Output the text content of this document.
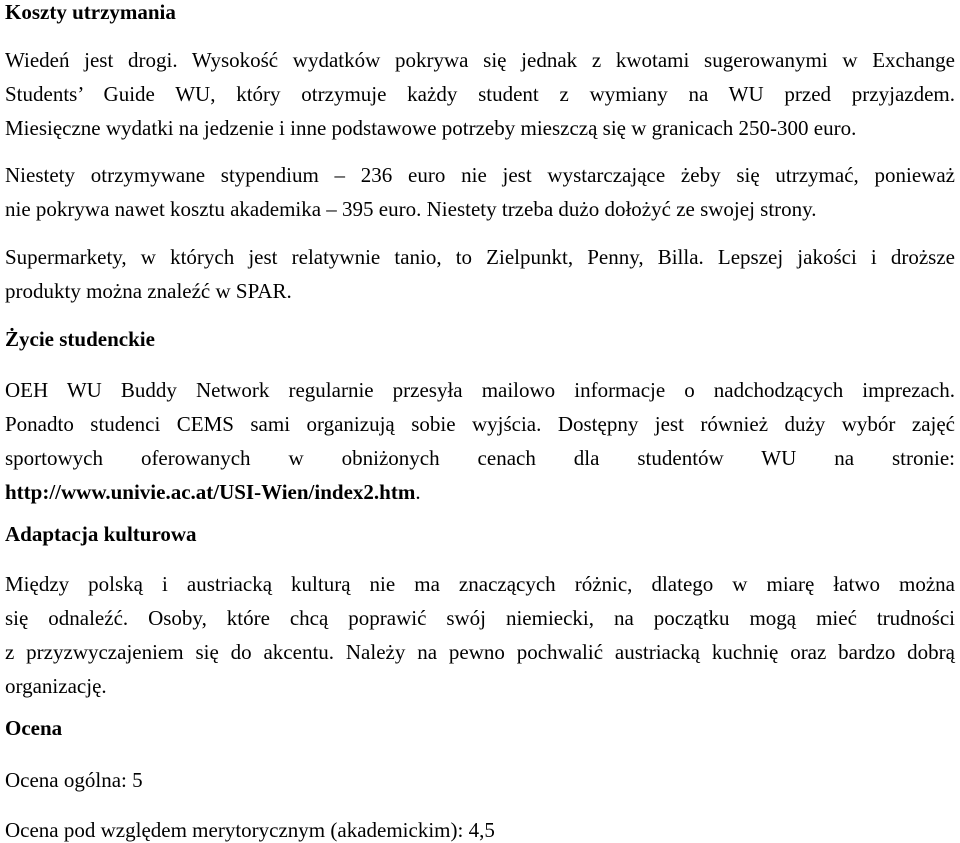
Koszty utrzymania
Wiedeń jest drogi. Wysokość wydatków pokrywa się jednak z kwotami sugerowanymi w Exchange
Students’ Guide WU, który otrzymuje każdy student z wymiany na WU przed przyjazdem.
Miesięczne wydatki na jedzenie i inne podstawowe potrzeby mieszczą się w granicach 250-300 euro.
Niestety otrzymywane stypendium – 236 euro nie jest wystarczające żeby się utrzymać, ponieważ
nie pokrywa nawet kosztu akademika – 395 euro. Niestety trzeba dużo dołożyć ze swojej strony.
Supermarkety, w których jest relatywnie tanio, to Zielpunkt, Penny, Billa. Lepszej jakości i droższe
produkty można znaleźć w SPAR.
Życie studenckie
OEH WU Buddy Network regularnie przesyła mailowo informacje o nadchodzących imprezach.
Ponadto studenci CEMS sami organizują sobie wyjścia. Dostępny jest również duży wybór zajęć
sportowych oferowanych w obniżonych cenach dla studentów WU na stronie:
http://www.univie.ac.at/USI-Wien/index2.htm.
Adaptacja kulturowa
Między polską i austriacką kulturą nie ma znaczących różnic, dlatego w miarę łatwo można
się odnaleźć. Osoby, które chcą poprawić swój niemiecki, na początku mogą mieć trudności
z przyzwyczajeniem się do akcentu. Należy na pewno pochwalić austriacką kuchnię oraz bardzo dobrą
organizację.
Ocena

Ocena ogólna: 5

Ocena pod względem merytorycznym (akademickim): 4,5
